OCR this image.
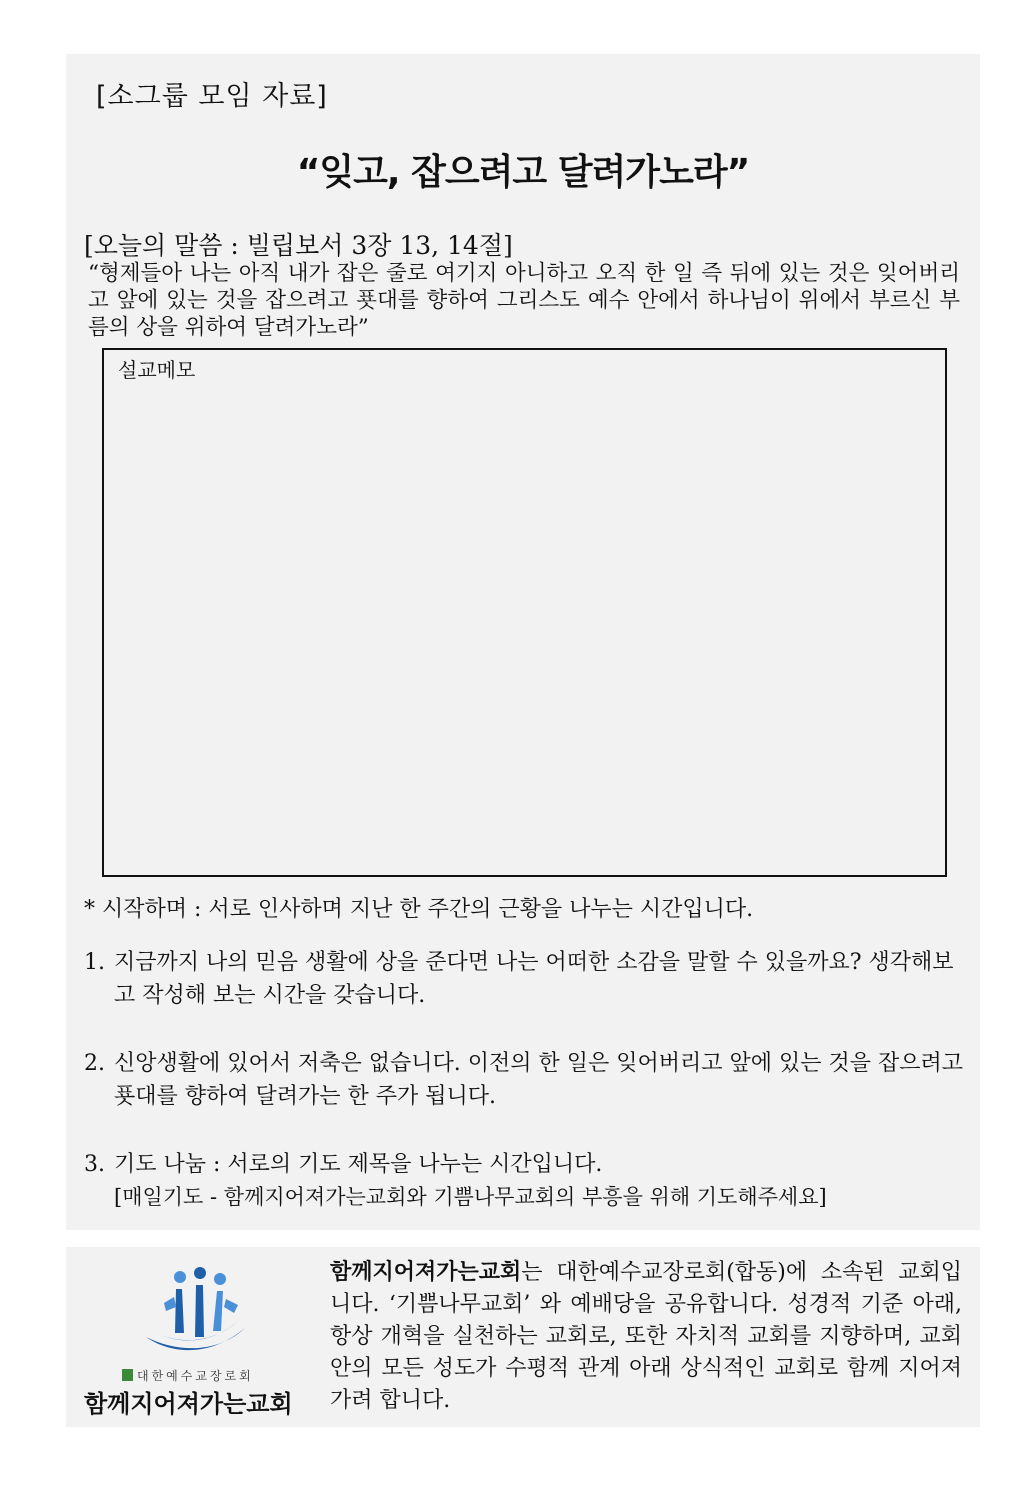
[소그룹 모임 자료]
“잊고, 잡으려고 달려가노라”
[오늘의 말씀 : 빌립보서 3장 13, 14절]
“형제들아 나는 아직 내가 잡은 줄로 여기지 아니하고 오직 한 일 즉 뒤에 있는 것은 잊어버리고 앞에 있는 것을 잡으려고 푯대를 향하여 그리스도 예수 안에서 하나님이 위에서 부르신 부름의 상을 위하여 달려가노라”
설교메모
* 시작하며 : 서로 인사하며 지난 한 주간의 근황을 나누는 시간입니다.
1. 지금까지 나의 믿음 생활에 상을 준다면 나는 어떠한 소감을 말할 수 있을까요? 생각해보
고 작성해 보는 시간을 갖습니다.
2. 신앙생활에 있어서 저축은 없습니다. 이전의 한 일은 잊어버리고 앞에 있는 것을 잡으려고
푯대를 향하여 달려가는 한 주가 됩니다.
3. 기도 나눔 : 서로의 기도 제목을 나누는 시간입니다.
[매일기도 - 함께지어져가는교회와 기쁨나무교회의 부흥을 위해 기도해주세요]
대한예수교장로회
함께지어져가는교회
함께지어져가는교회는 대한예수교장로회(합동)에 소속된 교회입니다. ‘기쁨나무교회’ 와 예배당을 공유합니다. 성경적 기준 아래, 항상 개혁을 실천하는 교회로, 또한 자치적 교회를 지향하며, 교회 안의 모든 성도가 수평적 관계 아래 상식적인 교회로 함께 지어져 가려 합니다.
